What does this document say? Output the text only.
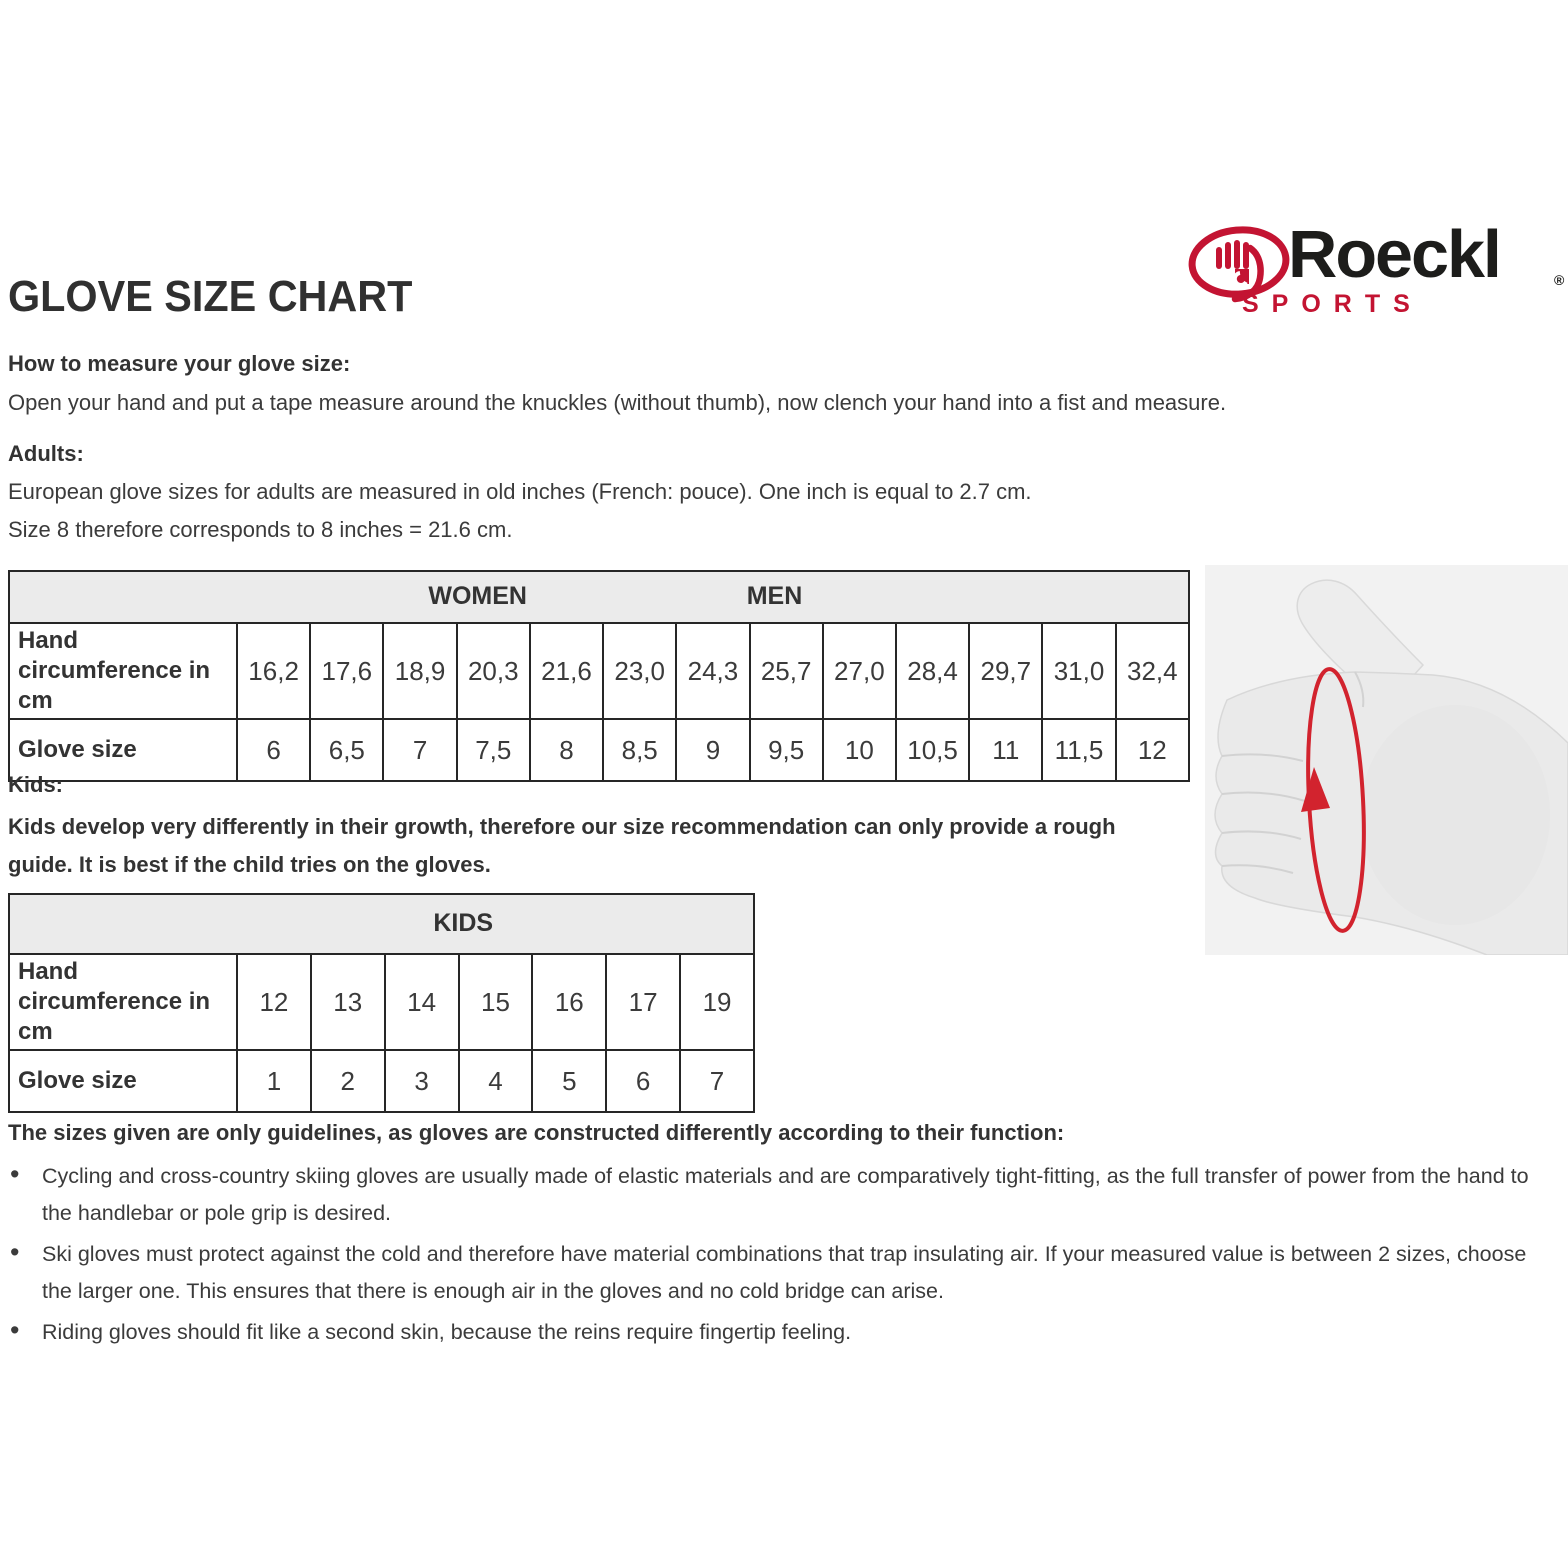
GLOVE SIZE CHART
Roeckl	®
SPORTS
How to measure your glove size:
Open your hand and put a tape measure around the knuckles (without thumb), now clench your hand into a fist and measure.
Adults:
European glove sizes for adults are measured in old inches (French: pouce). One inch is equal to 2.7 cm.
Size 8 therefore corresponds to 8 inches = 21.6 cm.
WOMEN MEN													

Hand circumference in cm	16,2	17,6	18,9	20,3	21,6	23,0	24,3	25,7	27,0	28,4	29,7	31,0	32,4
Glove size	6	6,5	7	7,5	8	8,5	9	9,5	10	10,5	11	11,5	12
Kids:
Kids develop very differently in their growth, therefore our size recommendation can only provide a rough guide. It is best if the child tries on the gloves.
KIDS							

Hand circumference in cm	12	13	14	15	16	17	19
Glove size	1	2	3	4	5	6	7
The sizes given are only guidelines, as gloves are constructed differently according to their function:
• Cycling and cross-country skiing gloves are usually made of elastic materials and are comparatively tight-fitting, as the full transfer of power from the hand to the handlebar or pole grip is desired.
• Ski gloves must protect against the cold and therefore have material combinations that trap insulating air. If your measured value is between 2 sizes, choose the larger one. This ensures that there is enough air in the gloves and no cold bridge can arise.
• Riding gloves should fit like a second skin, because the reins require fingertip feeling.
